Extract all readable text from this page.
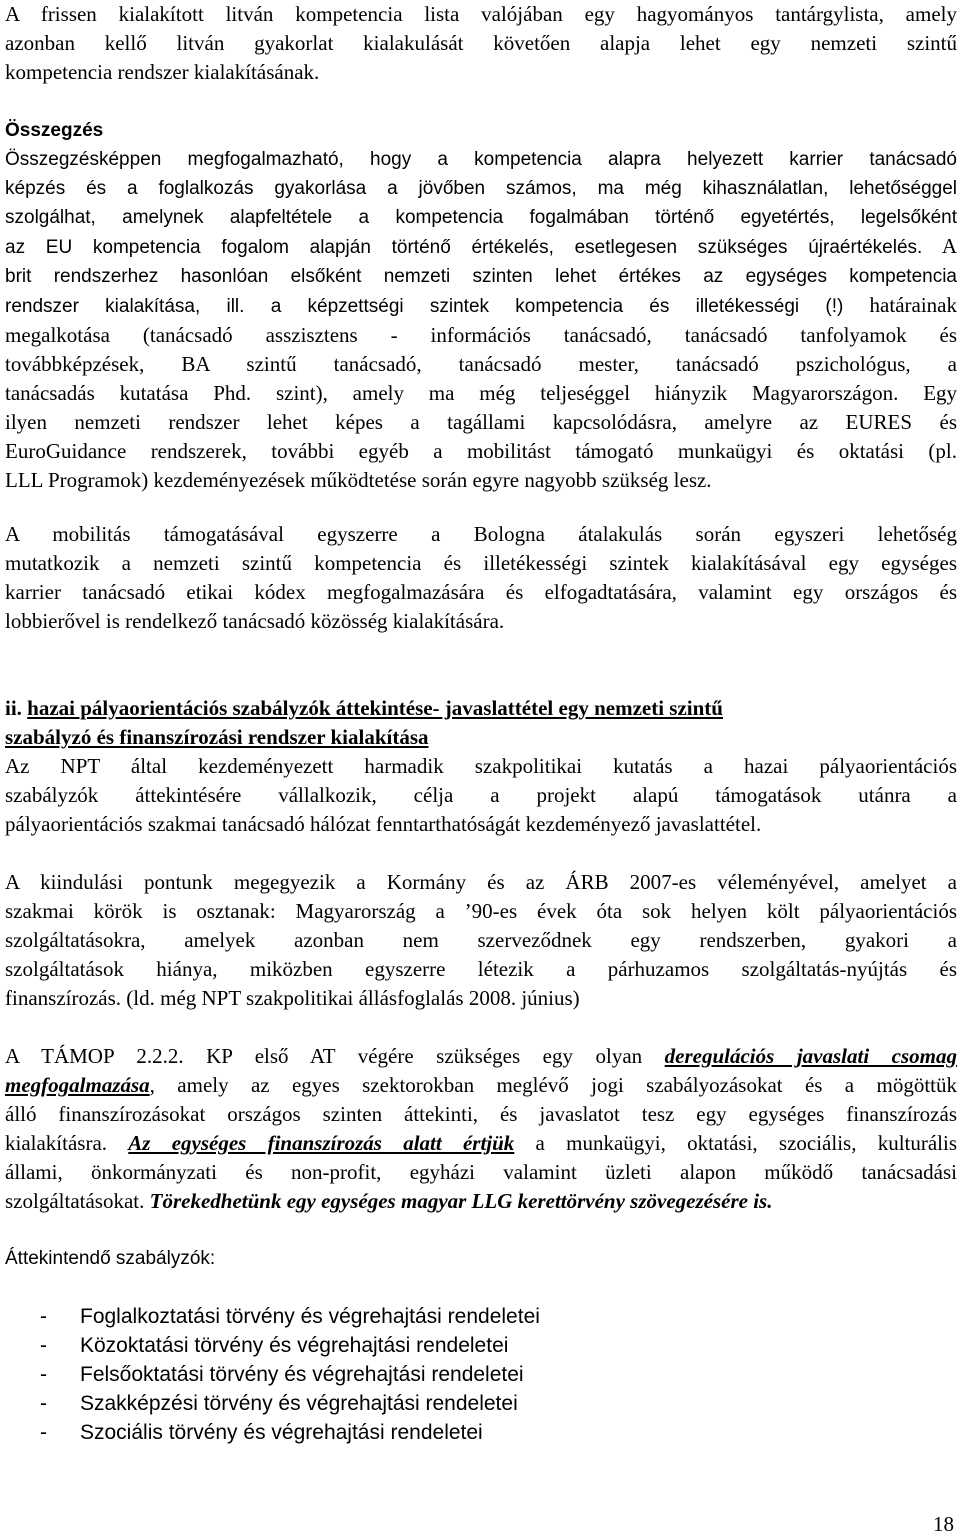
A frissen kialakított litván kompetencia lista valójában egy hagyományos tantárgylista, amely
azonban kellő litván gyakorlat kialakulását követően alapja lehet egy nemzeti szintű
kompetencia rendszer kialakításának.
Összegzés
Összegzésképpen megfogalmazható, hogy a kompetencia alapra helyezett karrier tanácsadó
képzés és a foglalkozás gyakorlása a jövőben számos, ma még kihasználatlan, lehetőséggel
szolgálhat, amelynek alapfeltétele a kompetencia fogalmában történő egyetértés, legelsőként
az EU kompetencia fogalom alapján történő értékelés, esetlegesen szükséges újraértékelés. A
brit rendszerhez hasonlóan elsőként nemzeti szinten lehet értékes az egységes kompetencia
rendszer kialakítása, ill. a képzettségi szintek kompetencia és illetékességi (!) határainak
megalkotása (tanácsadó asszisztens - információs tanácsadó, tanácsadó tanfolyamok és
továbbképzések, BA szintű tanácsadó, tanácsadó mester, tanácsadó pszichológus, a
tanácsadás kutatása Phd. szint), amely ma még teljeséggel hiányzik Magyarországon. Egy
ilyen nemzeti rendszer lehet képes a tagállami kapcsolódásra, amelyre az EURES és
EuroGuidance rendszerek, további egyéb a mobilitást támogató munkaügyi és oktatási (pl.
LLL Programok) kezdeményezések működtetése során egyre nagyobb szükség lesz.
A mobilitás támogatásával egyszerre a Bologna átalakulás során egyszeri lehetőség
mutatkozik a nemzeti szintű kompetencia és illetékességi szintek kialakításával egy egységes
karrier tanácsadó etikai kódex megfogalmazására és elfogadtatására, valamint egy országos és
lobbierővel is rendelkező tanácsadó közösség kialakítására.
ii. hazai pályaorientációs szabályzók áttekintése- javaslattétel egy nemzeti szintű
szabályzó és finanszírozási rendszer kialakítása
Az NPT által kezdeményezett harmadik szakpolitikai kutatás a hazai pályaorientációs
szabályzók áttekintésére vállalkozik, célja a projekt alapú támogatások utánra a
pályaorientációs szakmai tanácsadó hálózat fenntarthatóságát kezdeményező javaslattétel.
A kiindulási pontunk megegyezik a Kormány és az ÁRB 2007-es véleményével, amelyet a
szakmai körök is osztanak: Magyarország a ’90-es évek óta sok helyen költ pályaorientációs
szolgáltatásokra, amelyek azonban nem szerveződnek egy rendszerben, gyakori a
szolgáltatások hiánya, miközben egyszerre létezik a párhuzamos szolgáltatás-nyújtás és
finanszírozás. (ld. még NPT szakpolitikai állásfoglalás 2008. június)
A TÁMOP 2.2.2. KP első AT végére szükséges egy olyan deregulációs javaslati csomag
megfogalmazása, amely az egyes szektorokban meglévő jogi szabályozásokat és a mögöttük
álló finanszírozásokat országos szinten áttekinti, és javaslatot tesz egy egységes finanszírozás
kialakításra. Az egységes finanszírozás alatt értjük a munkaügyi, oktatási, szociális, kulturális
állami, önkormányzati és non-profit, egyházi valamint üzleti alapon működő tanácsadási
szolgáltatásokat. Törekedhetünk egy egységes magyar LLG kerettörvény szövegezésére is.
Áttekintendő szabályzók:
- Foglalkoztatási törvény és végrehajtási rendeletei
- Közoktatási törvény és végrehajtási rendeletei
- Felsőoktatási törvény és végrehajtási rendeletei
- Szakképzési törvény és végrehajtási rendeletei
- Szociális törvény és végrehajtási rendeletei
18
